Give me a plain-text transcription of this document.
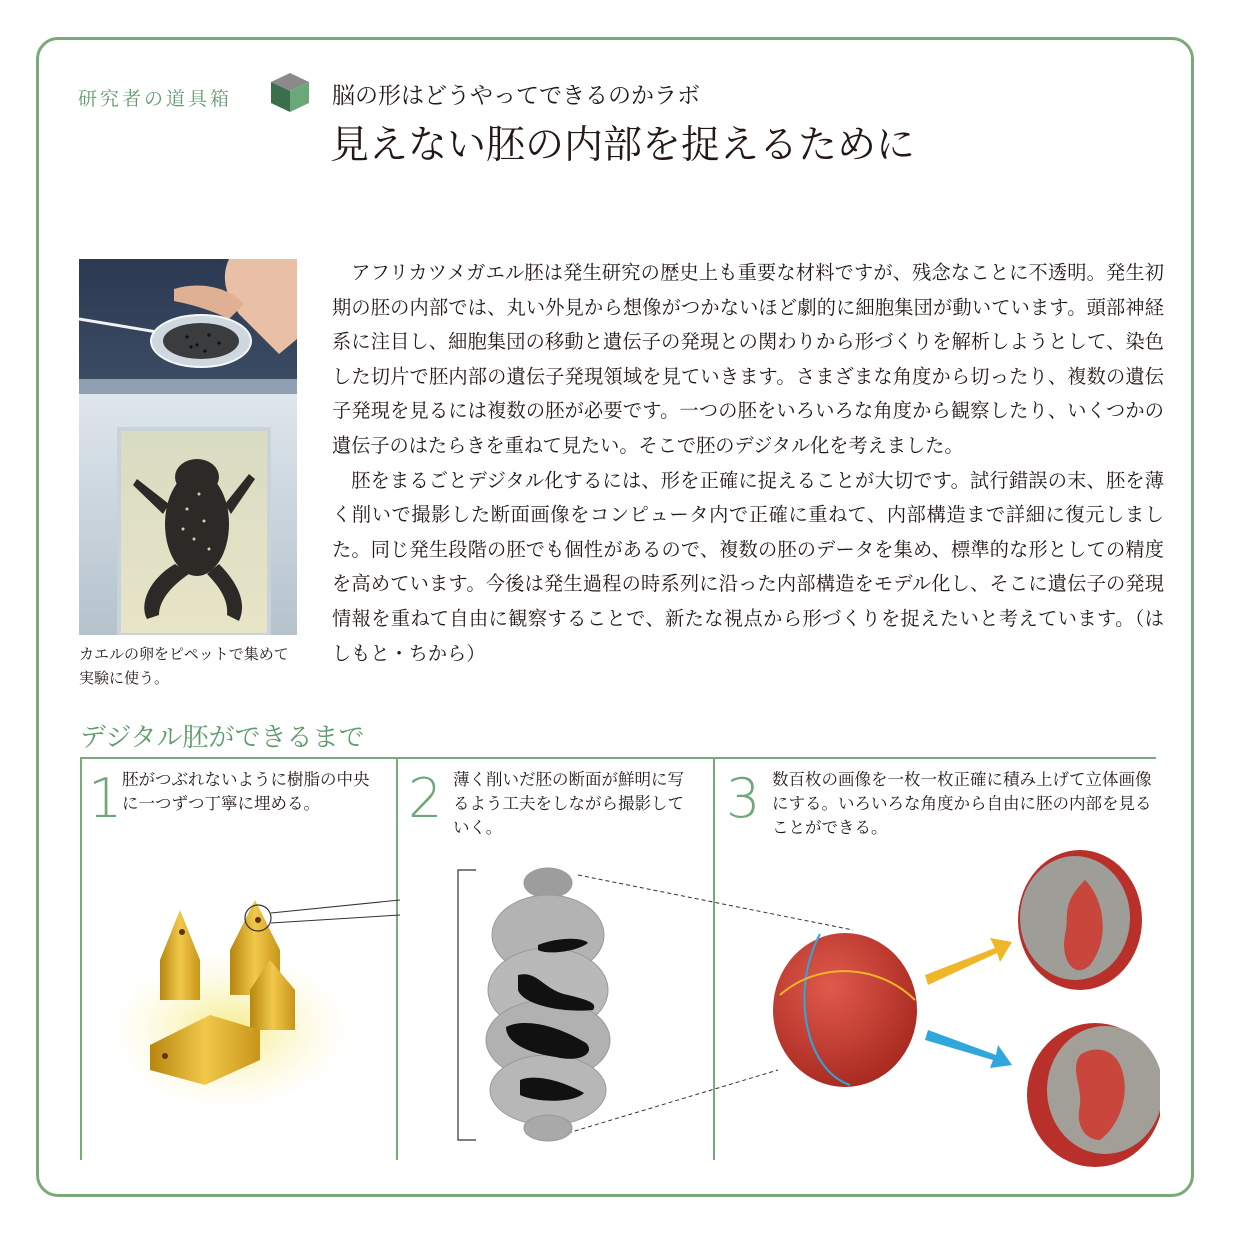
研究者の道具箱	脳の形はどうやってできるのかラボ
見えない胚の内部を捉えるために
カエルの卵をピペットで集めて実験に使う。

アフリカツメガエル胚は発生研究の歴史上も重要な材料ですが、残念なことに不透明。発生初期の胚の内部では、丸い外見から想像がつかないほど劇的に細胞集団が動いています。頭部神経系に注目し、細胞集団の移動と遺伝子の発現との関わりから形づくりを解析しようとして、染色した切片で胚内部の遺伝子発現領域を見ていきます。さまざまな角度から切ったり、複数の遺伝子発現を見るには複数の胚が必要です。一つの胚をいろいろな角度から観察したり、いくつかの遺伝子のはたらきを重ねて見たい。そこで胚のデジタル化を考えました。

胚をまるごとデジタル化するには、形を正確に捉えることが大切です。試行錯誤の末、胚を薄く削いで撮影した断面画像をコンピュータ内で正確に重ねて、内部構造まで詳細に復元しました。同じ発生段階の胚でも個性があるので、複数の胚のデータを集め、標準的な形としての精度を高めています。今後は発生過程の時系列に沿った内部構造をモデル化し、そこに遺伝子の発現情報を重ねて自由に観察することで、新たな視点から形づくりを捉えたいと考えています。（はしもと・ちから）

デジタル胚ができるまで
1 胚がつぶれないように樹脂の中央に一つずつ丁寧に埋める。	2 薄く削いだ胚の断面が鮮明に写るよう工夫をしながら撮影していく。	3 数百枚の画像を一枚一枚正確に積み上げて立体画像にする。いろいろな角度から自由に胚の内部を見ることができる。
